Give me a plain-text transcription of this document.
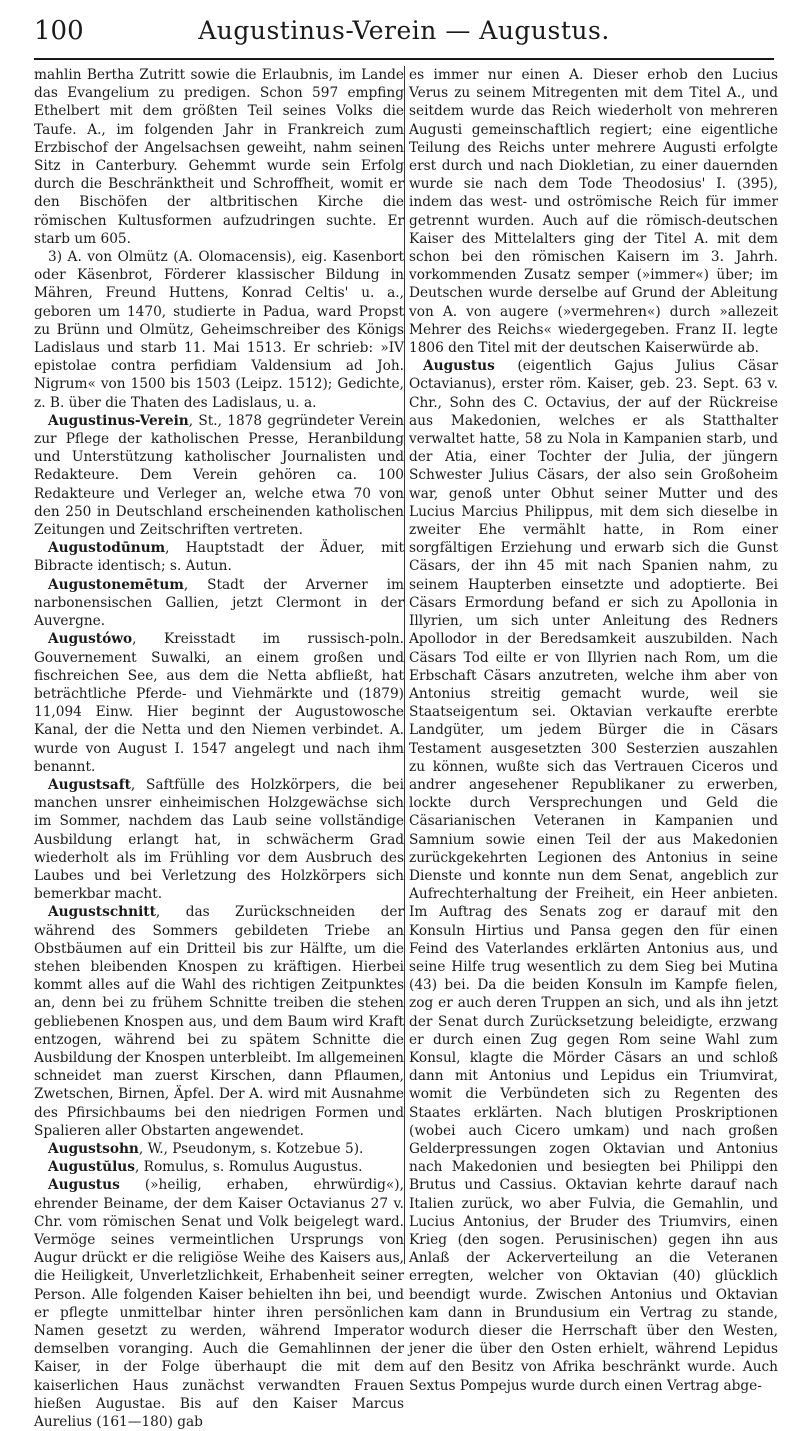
100	Augustinus-Verein — Augustus.

mahlin Bertha Zutritt sowie die Erlaubnis, im Lande das Evangelium zu predigen. Schon 597 empfing Ethelbert mit dem größten Teil seines Volks die Taufe. A., im folgenden Jahr in Frankreich zum Erzbischof der Angelsachsen geweiht, nahm seinen Sitz in Canterbury. Gehemmt wurde sein Erfolg durch die Beschränktheit und Schroffheit, womit er den Bischöfen der altbritischen Kirche die römischen Kultusformen aufzudringen suchte. Er starb um 605.

3) A. von Olmütz (A. Olomacensis), eig. Kasenbort oder Käsenbrot, Förderer klassischer Bildung in Mähren, Freund Huttens, Konrad Celtis' u. a., geboren um 1470, studierte in Padua, ward Propst zu Brünn und Olmütz, Geheimschreiber des Königs Ladislaus und starb 11. Mai 1513. Er schrieb: »IV epistolae contra perfidiam Valdensium ad Joh. Nigrum« von 1500 bis 1503 (Leipz. 1512); Gedichte, z. B. über die Thaten des Ladislaus, u. a.

Augustinus-Verein, St., 1878 gegründeter Verein zur Pflege der katholischen Presse, Heranbildung und Unterstützung katholischer Journalisten und Redakteure. Dem Verein gehören ca. 100 Redakteure und Verleger an, welche etwa 70 von den 250 in Deutschland erscheinenden katholischen Zeitungen und Zeitschriften vertreten.

Augustodūnum, Hauptstadt der Äduer, mit Bibracte identisch; s. Autun.

Augustonemētum, Stadt der Arverner im narbonensischen Gallien, jetzt Clermont in der Auvergne.

Augustówo, Kreisstadt im russisch-poln. Gouvernement Suwalki, an einem großen und fischreichen See, aus dem die Netta abfließt, hat beträchtliche Pferde- und Viehmärkte und (1879) 11,094 Einw. Hier beginnt der Augustowosche Kanal, der die Netta und den Niemen verbindet. A. wurde von August I. 1547 angelegt und nach ihm benannt.

Augustsaft, Saftfülle des Holzkörpers, die bei manchen unsrer einheimischen Holzgewächse sich im Sommer, nachdem das Laub seine vollständige Ausbildung erlangt hat, in schwächerm Grad wiederholt als im Frühling vor dem Ausbruch des Laubes und bei Verletzung des Holzkörpers sich bemerkbar macht.

Augustschnitt, das Zurückschneiden der während des Sommers gebildeten Triebe an Obstbäumen auf ein Dritteil bis zur Hälfte, um die stehen bleibenden Knospen zu kräftigen. Hierbei kommt alles auf die Wahl des richtigen Zeitpunktes an, denn bei zu frühem Schnitte treiben die stehen gebliebenen Knospen aus, und dem Baum wird Kraft entzogen, während bei zu spätem Schnitte die Ausbildung der Knospen unterbleibt. Im allgemeinen schneidet man zuerst Kirschen, dann Pflaumen, Zwetschen, Birnen, Äpfel. Der A. wird mit Ausnahme des Pfirsichbaums bei den niedrigen Formen und Spalieren aller Obstarten angewendet.

Augustsohn, W., Pseudonym, s. Kotzebue 5).

Augustŭlus, Romulus, s. Romulus Augustus.

Augustus (»heilig, erhaben, ehrwürdig«), ehrender Beiname, der dem Kaiser Octavianus 27 v. Chr. vom römischen Senat und Volk beigelegt ward. Vermöge seines vermeintlichen Ursprungs von Augur drückt er die religiöse Weihe des Kaisers aus, die Heiligkeit, Unverletzlichkeit, Erhabenheit seiner Person. Alle folgenden Kaiser behielten ihn bei, und er pflegte unmittelbar hinter ihren persönlichen Namen gesetzt zu werden, während Imperator demselben voranging. Auch die Gemahlinnen der Kaiser, in der Folge überhaupt die mit dem kaiserlichen Haus zunächst verwandten Frauen hießen Augustae. Bis auf den Kaiser Marcus Aurelius (161—180) gab

es immer nur einen A. Dieser erhob den Lucius Verus zu seinem Mitregenten mit dem Titel A., und seitdem wurde das Reich wiederholt von mehreren Augusti gemeinschaftlich regiert; eine eigentliche Teilung des Reichs unter mehrere Augusti erfolgte erst durch und nach Diokletian, zu einer dauernden wurde sie nach dem Tode Theodosius' I. (395), indem das west- und oströmische Reich für immer getrennt wurden. Auch auf die römisch-deutschen Kaiser des Mittelalters ging der Titel A. mit dem schon bei den römischen Kaisern im 3. Jahrh. vorkommenden Zusatz semper (»immer«) über; im Deutschen wurde derselbe auf Grund der Ableitung von A. von augere (»vermehren«) durch »allezeit Mehrer des Reichs« wiedergegeben. Franz II. legte 1806 den Titel mit der deutschen Kaiserwürde ab.

Augustus (eigentlich Gajus Julius Cäsar Octavianus), erster röm. Kaiser, geb. 23. Sept. 63 v. Chr., Sohn des C. Octavius, der auf der Rückreise aus Makedonien, welches er als Statthalter verwaltet hatte, 58 zu Nola in Kampanien starb, und der Atia, einer Tochter der Julia, der jüngern Schwester Julius Cäsars, der also sein Großoheim war, genoß unter Obhut seiner Mutter und des Lucius Marcius Philippus, mit dem sich dieselbe in zweiter Ehe vermählt hatte, in Rom einer sorgfältigen Erziehung und erwarb sich die Gunst Cäsars, der ihn 45 mit nach Spanien nahm, zu seinem Haupterben einsetzte und adoptierte. Bei Cäsars Ermordung befand er sich zu Apollonia in Illyrien, um sich unter Anleitung des Redners Apollodor in der Beredsamkeit auszubilden. Nach Cäsars Tod eilte er von Illyrien nach Rom, um die Erbschaft Cäsars anzutreten, welche ihm aber von Antonius streitig gemacht wurde, weil sie Staatseigentum sei. Oktavian verkaufte ererbte Landgüter, um jedem Bürger die in Cäsars Testament ausgesetzten 300 Sesterzien auszahlen zu können, wußte sich das Vertrauen Ciceros und andrer angesehener Republikaner zu erwerben, lockte durch Versprechungen und Geld die Cäsarianischen Veteranen in Kampanien und Samnium sowie einen Teil der aus Makedonien zurückgekehrten Legionen des Antonius in seine Dienste und konnte nun dem Senat, angeblich zur Aufrechterhaltung der Freiheit, ein Heer anbieten. Im Auftrag des Senats zog er darauf mit den Konsuln Hirtius und Pansa gegen den für einen Feind des Vaterlandes erklärten Antonius aus, und seine Hilfe trug wesentlich zu dem Sieg bei Mutina (43) bei. Da die beiden Konsuln im Kampfe fielen, zog er auch deren Truppen an sich, und als ihn jetzt der Senat durch Zurücksetzung beleidigte, erzwang er durch einen Zug gegen Rom seine Wahl zum Konsul, klagte die Mörder Cäsars an und schloß dann mit Antonius und Lepidus ein Triumvirat, womit die Verbündeten sich zu Regenten des Staates erklärten. Nach blutigen Proskriptionen (wobei auch Cicero umkam) und nach großen Gelderpressungen zogen Oktavian und Antonius nach Makedonien und besiegten bei Philippi den Brutus und Cassius. Oktavian kehrte darauf nach Italien zurück, wo aber Fulvia, die Gemahlin, und Lucius Antonius, der Bruder des Triumvirs, einen Krieg (den sogen. Perusinischen) gegen ihn aus Anlaß der Ackerverteilung an die Veteranen erregten, welcher von Oktavian (40) glücklich beendigt wurde. Zwischen Antonius und Oktavian kam dann in Brundusium ein Vertrag zu stande, wodurch dieser die Herrschaft über den Westen, jener die über den Osten erhielt, während Lepidus auf den Besitz von Afrika beschränkt wurde. Auch Sextus Pompejus wurde durch einen Vertrag abge-
